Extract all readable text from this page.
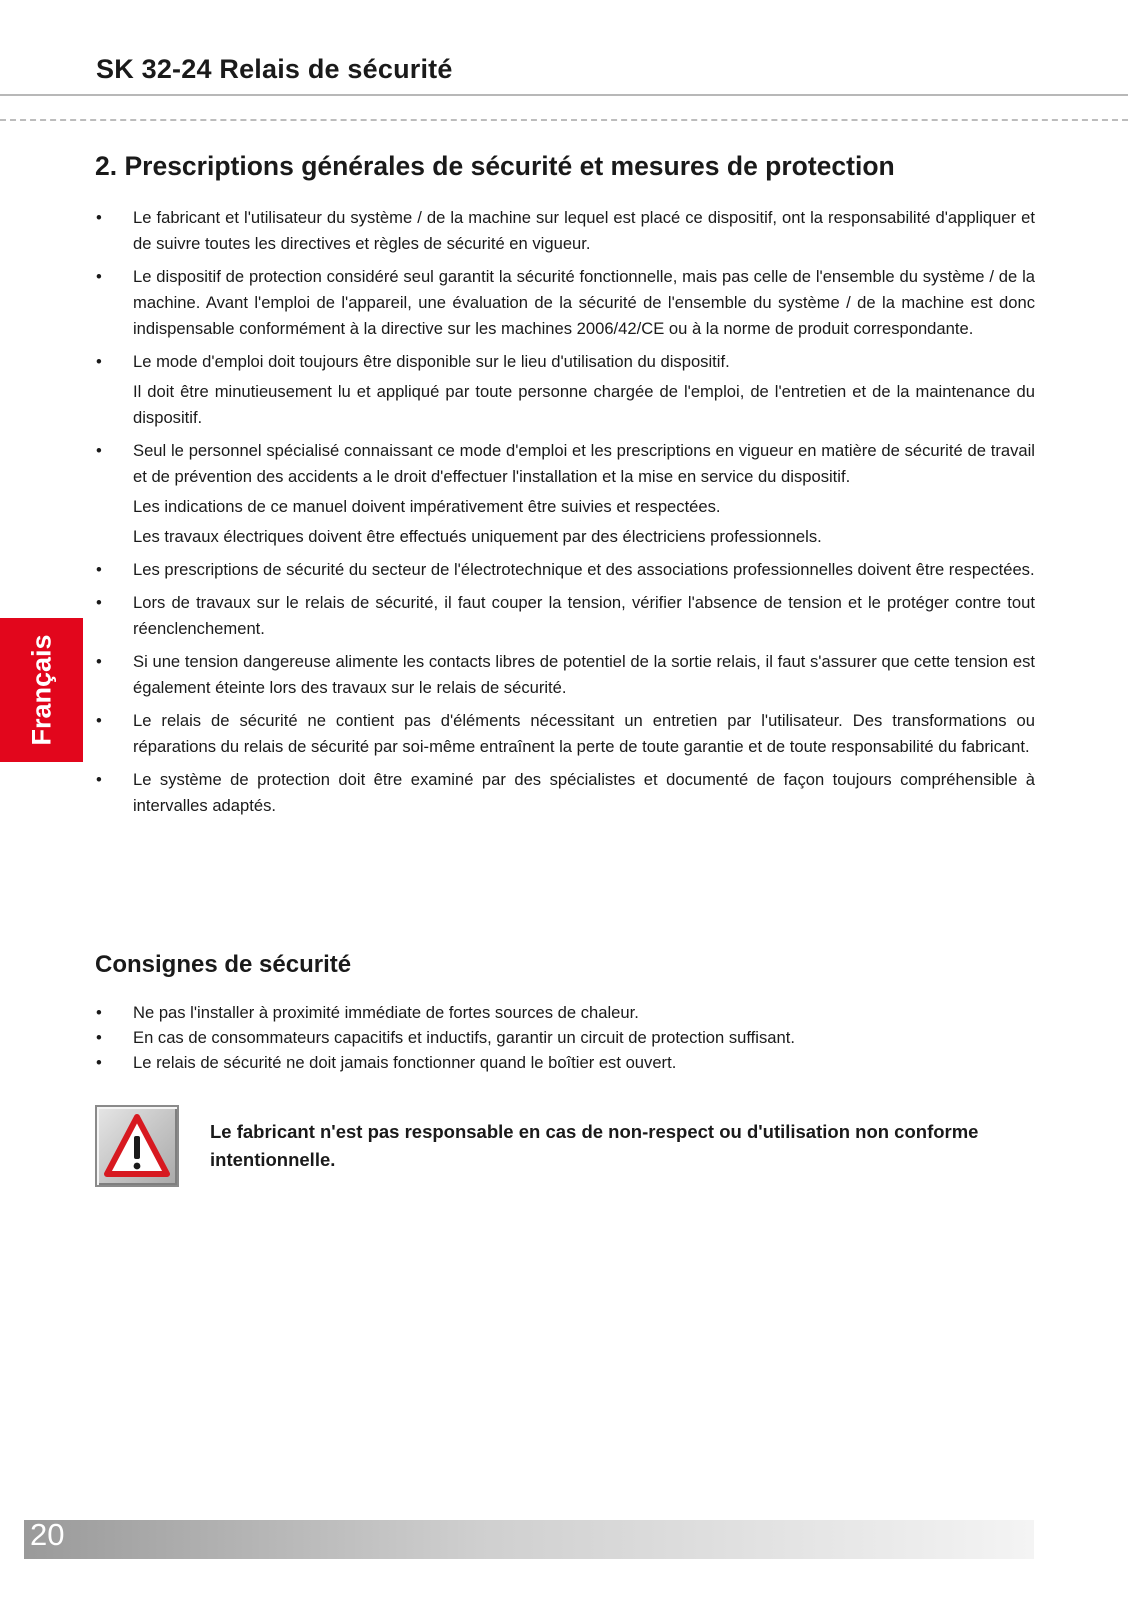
SK 32-24 Relais de sécurité
2. Prescriptions générales de sécurité et mesures de protection

• Le fabricant et l'utilisateur du système / de la machine sur lequel est placé ce dispositif, ont la responsabilité d'appliquer et de suivre toutes les directives et règles de sécurité en vigueur.

• Le dispositif de protection considéré seul garantit la sécurité fonctionnelle, mais pas celle de l'ensemble du système / de la machine. Avant l'emploi de l'appareil, une évaluation de la sécurité de l'ensemble du système / de la machine est donc indispensable conformément à la directive sur les machines 2006/42/CE ou à la norme de produit correspondante.

• Le mode d'emploi doit toujours être disponible sur le lieu d'utilisation du dispositif.

Il doit être minutieusement lu et appliqué par toute personne chargée de l'emploi, de l'entretien et de la maintenance du dispositif.

• Seul le personnel spécialisé connaissant ce mode d'emploi et les prescriptions en vigueur en matière de sécurité de travail et de prévention des accidents a le droit d'effectuer l'installation et la mise en service du dispositif.

Les indications de ce manuel doivent impérativement être suivies et respectées.

Les travaux électriques doivent être effectués uniquement par des électriciens professionnels.

• Les prescriptions de sécurité du secteur de l'électrotechnique et des associations professionnelles doivent être respectées.

• Lors de travaux sur le relais de sécurité, il faut couper la tension, vérifier l'absence de tension et le protéger contre tout réenclenchement.

• Si une tension dangereuse alimente les contacts libres de potentiel de la sortie relais, il faut s'assurer que cette tension est également éteinte lors des travaux sur le relais de sécurité.

• Le relais de sécurité ne contient pas d'éléments nécessitant un entretien par l'utilisateur. Des transformations ou réparations du relais de sécurité par soi-même entraînent la perte de toute garantie et de toute responsabilité du fabricant.

• Le système de protection doit être examiné par des spécialistes et documenté de façon toujours compréhensible à intervalles adaptés.

Consignes de sécurité
• Ne pas l'installer à proximité immédiate de fortes sources de chaleur.
• En cas de consommateurs capacitifs et inductifs, garantir un circuit de protection suffisant.
• Le relais de sécurité ne doit jamais fonctionner quand le boîtier est ouvert.

Le fabricant n'est pas responsable en cas de non-respect ou d'utilisation non conforme intentionnelle.

Français
20
